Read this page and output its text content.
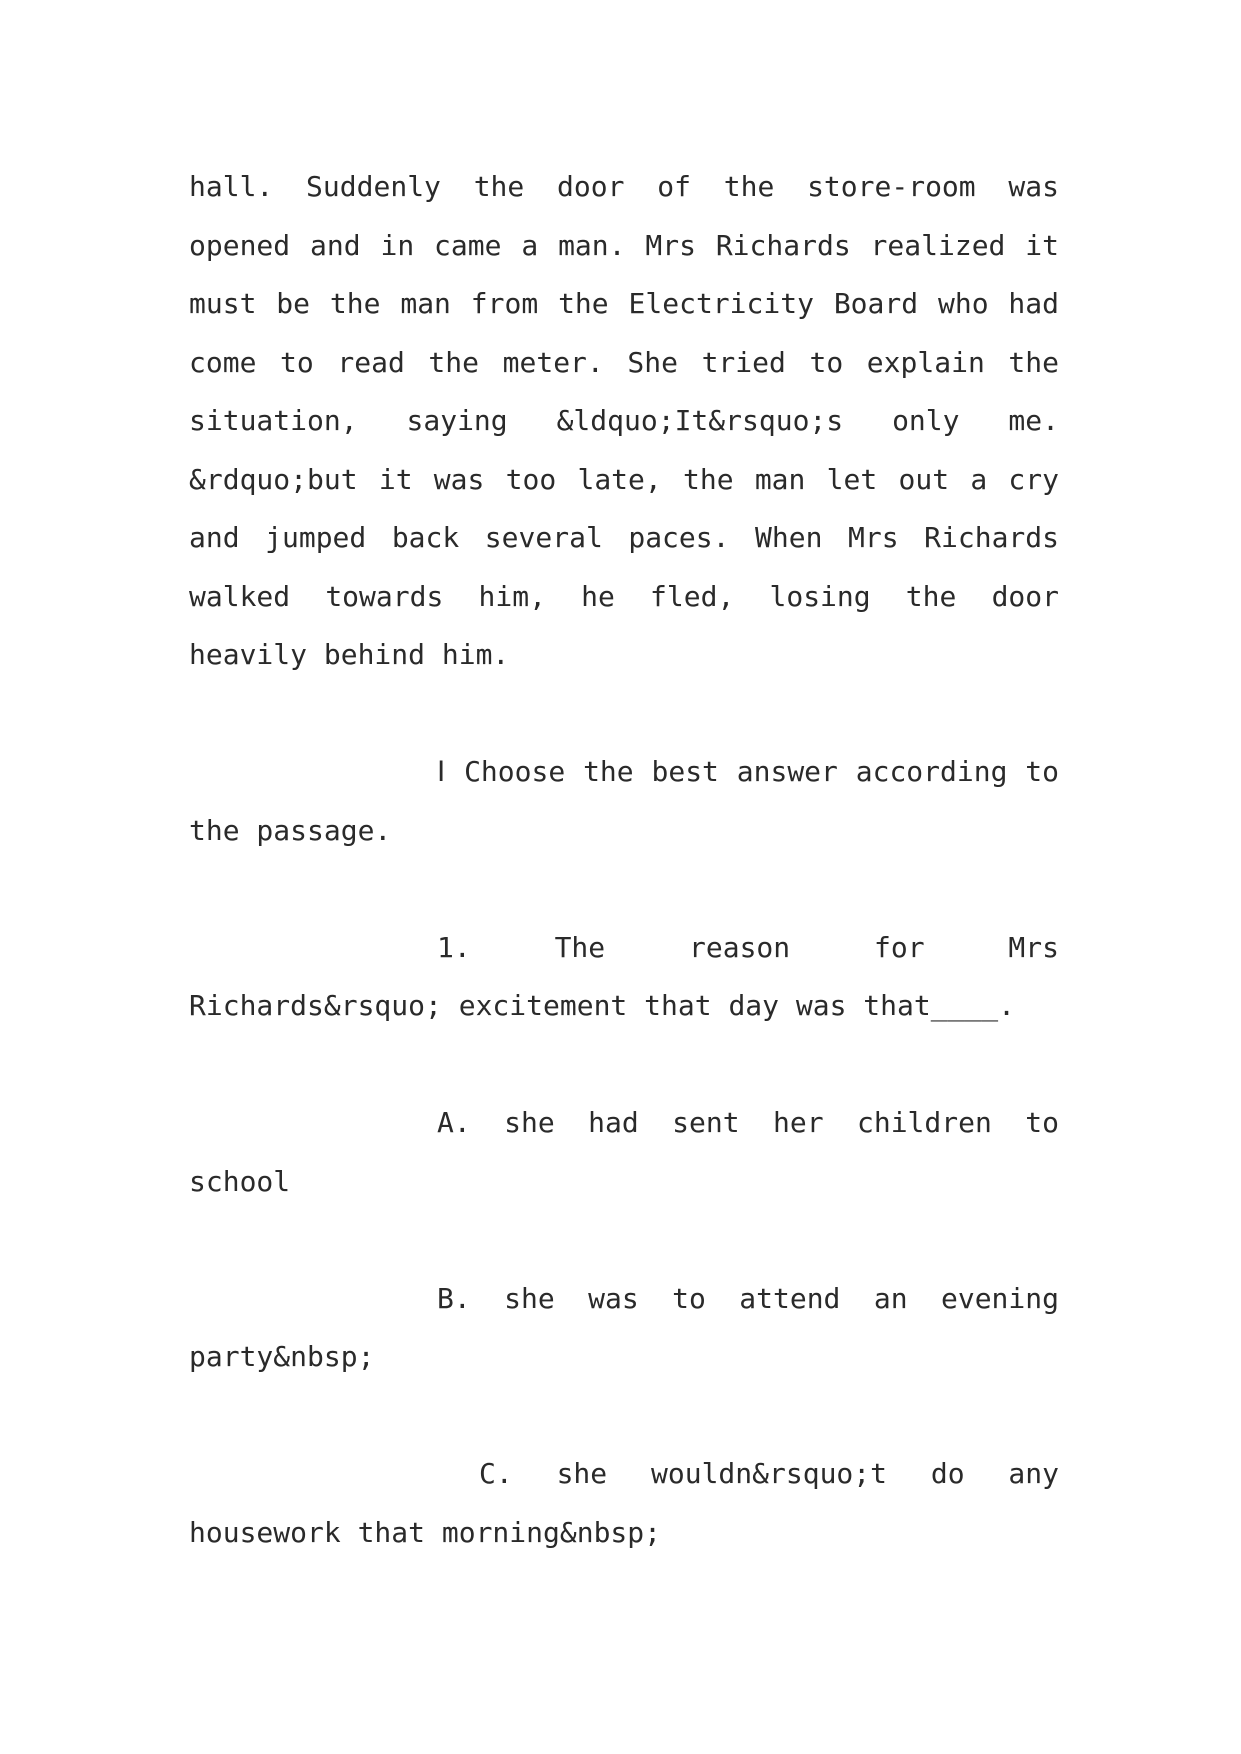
hall. Suddenly the door of the store-room was opened and in came a man. Mrs Richards realized it must be the man from the Electricity Board who had come to read the meter. She tried to explain the situation, saying &ldquo;It&rsquo;s only me. &rdquo;but it was too late, the man let out a cry and jumped back several paces. When Mrs Richards walked towards him, he fled, losing the door heavily behind him.

Ⅰ Choose the best answer according to the passage.

1. The reason for Mrs Richards&rsquo; excitement that day was that____.

A. she had sent her children to school

B. she was to attend an evening party&nbsp;

C. she wouldn&rsquo;t do any housework that morning&nbsp;
